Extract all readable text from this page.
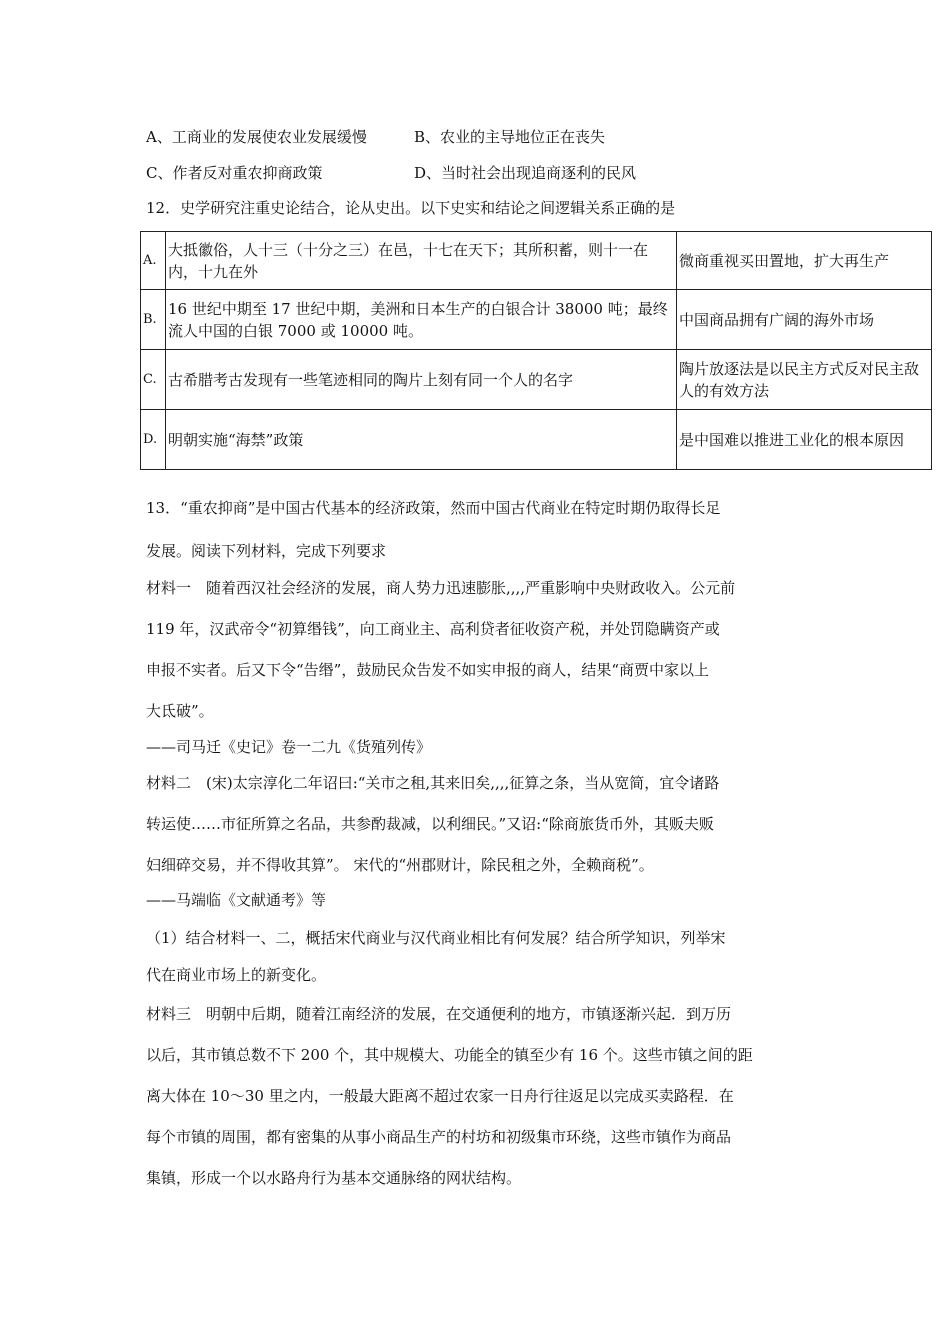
A、工商业的发展使农业发展缓慢	B、农业的主导地位正在丧失
C、作者反对重农抑商政策	D、当时社会出现追商逐利的民风
12．史学研究注重史论结合，论从史出。以下史实和结论之间逻辑关系正确的是
A.	大抵徽俗，人十三（十分之三）在邑，十七在天下；其所积蓄，则十一在内，十九在外	微商重视买田置地，扩大再生产
B.	16 世纪中期至 17 世纪中期，美洲和日本生产的白银合计 38000 吨；最终流人中国的白银 7000 或 10000 吨。	中国商品拥有广阔的海外市场
C.	古希腊考古发现有一些笔迹相同的陶片上刻有同一个人的名字	陶片放逐法是以民主方式反对民主敌人的有效方法
D.	明朝实施“海禁”政策	是中国难以推进工业化的根本原因
13．“重农抑商”是中国古代基本的经济政策，然而中国古代商业在特定时期仍取得长足
发展。阅读下列材料，完成下列要求
材料一　随着西汉社会经济的发展，商人势力迅速膨胀,,,,严重影响中央财政收入。公元前
119 年，汉武帝令“初算缗钱”，向工商业主、高利贷者征收资产税，并处罚隐瞒资产或
申报不实者。后又下令“告缗”，鼓励民众告发不如实申报的商人，结果“商贾中家以上
大氐破”。
——司马迁《史记》卷一二九《货殖列传》
材料二　(宋)太宗淳化二年诏曰:“关市之租,其来旧矣,,,,征算之条，当从宽简，宜令诸路
转运使……市征所算之名品，共参酌裁减，以利细民。”又诏:“除商旅货币外，其贩夫贩
妇细碎交易，并不得收其算”。 宋代的“州郡财计，除民租之外，全赖商税”。
——马端临《文献通考》等
（1）结合材料一、二，概括宋代商业与汉代商业相比有何发展？结合所学知识，列举宋
代在商业市场上的新变化。
材料三　明朝中后期，随着江南经济的发展，在交通便利的地方，市镇逐渐兴起．到万历
以后，其市镇总数不下 200 个，其中规模大、功能全的镇至少有 16 个。这些市镇之间的距
离大体在 10～30 里之内，一般最大距离不超过农家一日舟行往返足以完成买卖路程．在
每个市镇的周围，都有密集的从事小商品生产的村坊和初级集市环绕，这些市镇作为商品
集镇，形成一个以水路舟行为基本交通脉络的网状结构。
